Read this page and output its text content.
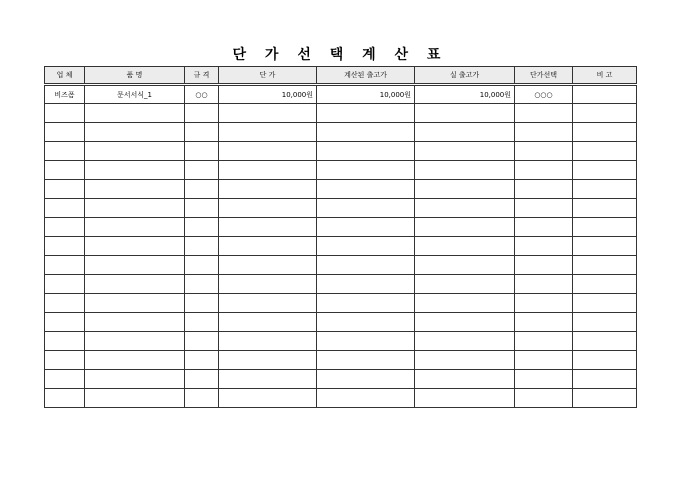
단 가 선 택 계 산 표
업 체	품 명	규 격	단 가	계산된 출고가	실 출고가	단가선택	비 고
비즈폼	문서서식_1	○○	10,000원	10,000원	10,000원	○○○	
